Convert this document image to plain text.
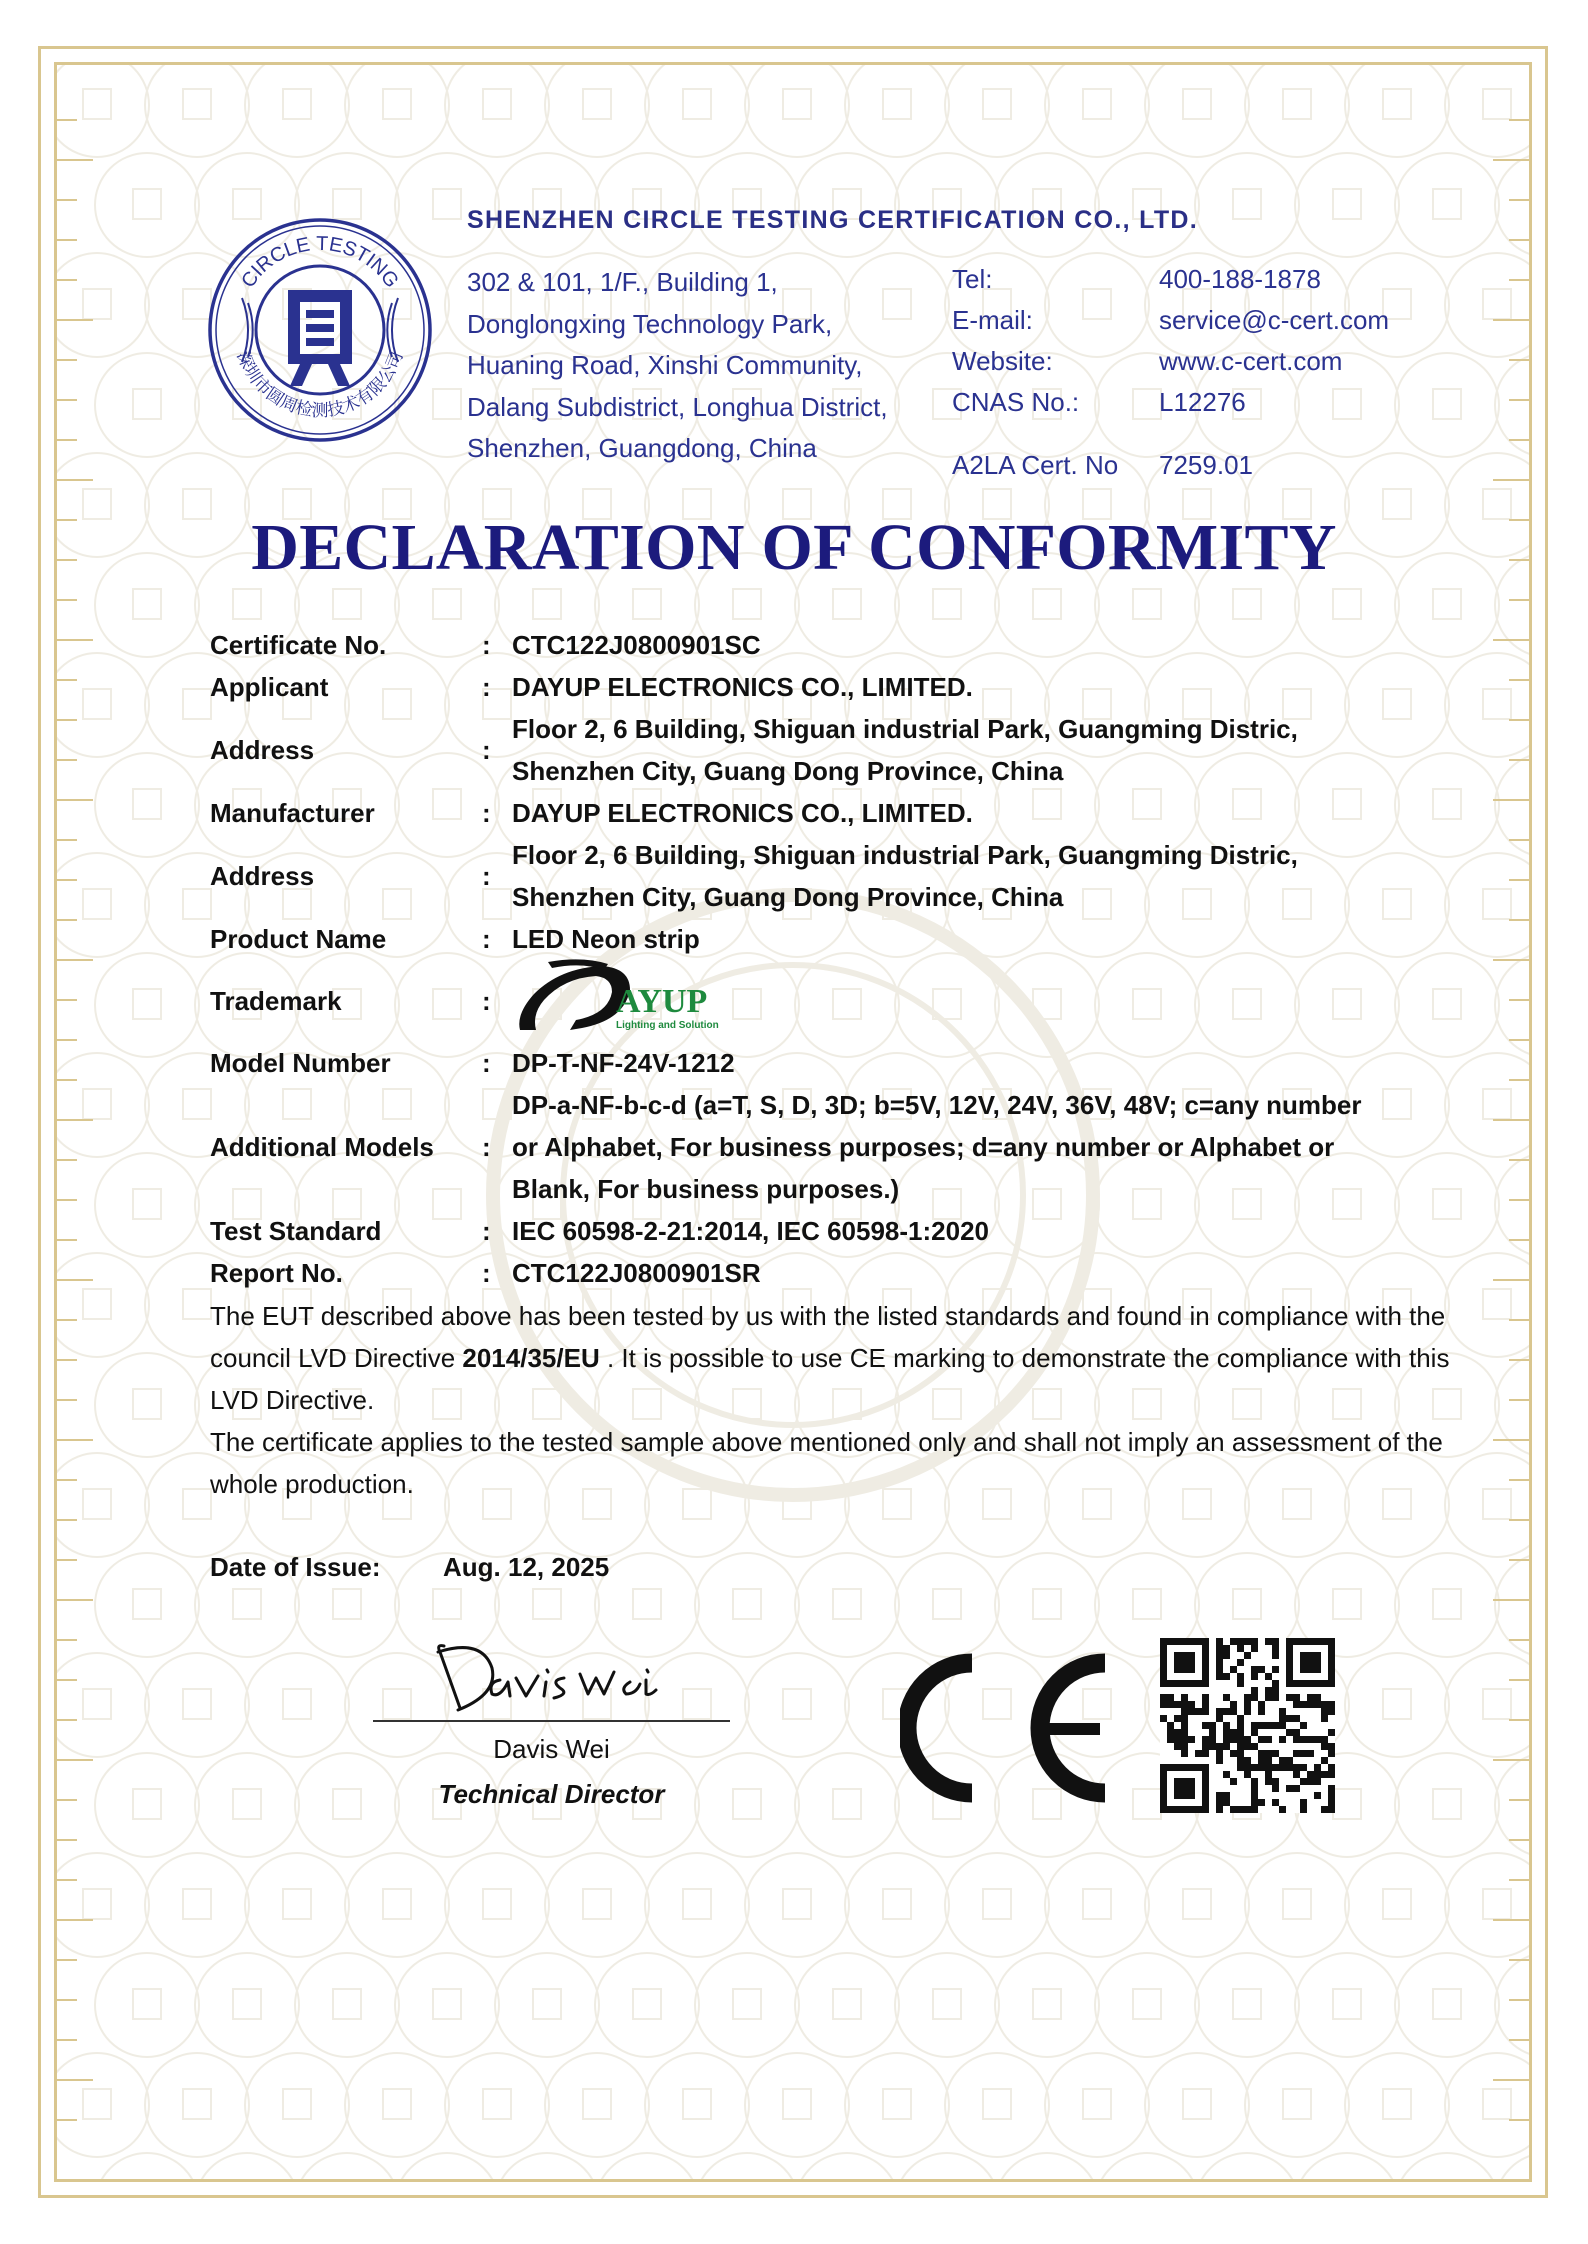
CIRCLE TESTING
深圳市圆周检测技术有限公司
SHENZHEN CIRCLE TESTING CERTIFICATION CO., LTD.
302 & 101, 1/F., Building 1,
Donglongxing Technology Park,
Huaning Road, Xinshi Community,
Dalang Subdistrict, Longhua District,
Shenzhen, Guangdong, China
Tel:	400-188-1878
E-mail:	service@c-cert.com
Website:	www.c-cert.com
CNAS No.:	L12276
A2LA Cert. No 7259.01
DECLARATION OF CONFORMITY
Certificate No.	: CTC122J0800901SC
Applicant	: DAYUP ELECTRONICS CO., LIMITED.
Address	:
Floor 2, 6 Building, Shiguan industrial Park, Guangming Distric,
Shenzhen City, Guang Dong Province, China
Manufacturer	: DAYUP ELECTRONICS CO., LIMITED.
Address	:
Floor 2, 6 Building, Shiguan industrial Park, Guangming Distric,
Shenzhen City, Guang Dong Province, China
Product Name	: LED Neon strip
Trademark	:	AYUP
Lighting and Solution
Model Number	: DP-T-NF-24V-1212
Additional Models	:
DP-a-NF-b-c-d (a=T, S, D, 3D; b=5V, 12V, 24V, 36V, 48V; c=any number
or Alphabet, For business purposes; d=any number or Alphabet or
Blank, For business purposes.)
Test Standard	: IEC 60598-2-21:2014, IEC 60598-1:2020
Report No.	: CTC122J0800901SR
The EUT described above has been tested by us with the listed standards and found in compliance with the council LVD Directive 2014/35/EU . It is possible to use CE marking to demonstrate the compliance with this LVD Directive.
The certificate applies to the tested sample above mentioned only and shall not imply an assessment of the whole production.
Date of Issue: Aug. 12, 2025
Davis Wei
Technical Director
